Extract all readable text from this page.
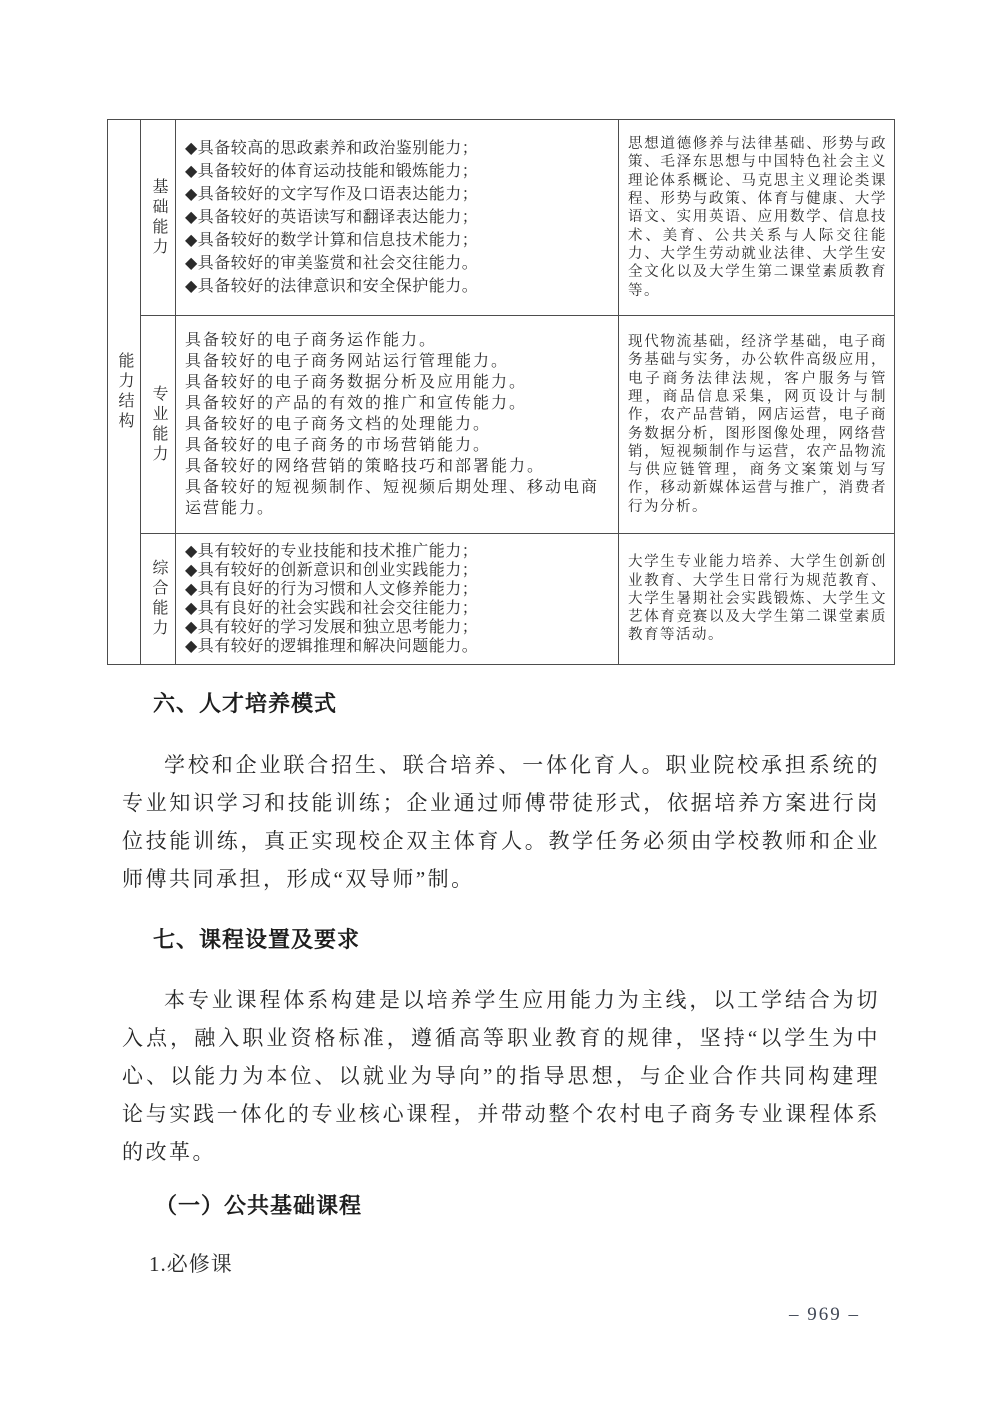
能力结构
基础能力
◆具备较高的思政素养和政治鉴别能力；
◆具备较好的体育运动技能和锻炼能力；
◆具备较好的文字写作及口语表达能力；
◆具备较好的英语读写和翻译表达能力；
◆具备较好的数学计算和信息技术能力；
◆具备较好的审美鉴赏和社会交往能力。
◆具备较好的法律意识和安全保护能力。
思想道德修养与法律基础、形势与政策、毛泽东思想与中国特色社会主义理论体系概论、马克思主义理论类课程、形势与政策、体育与健康、大学语文、实用英语、应用数学、信息技术、美育、公共关系与人际交往能力、大学生劳动就业法律、大学生安全文化以及大学生第二课堂素质教育等。
专业能力
具备较好的电子商务运作能力。
具备较好的电子商务网站运行管理能力。
具备较好的电子商务数据分析及应用能力。
具备较好的产品的有效的推广和宣传能力。
具备较好的电子商务文档的处理能力。
具备较好的电子商务的市场营销能力。
具备较好的网络营销的策略技巧和部署能力。
具备较好的短视频制作、短视频后期处理、移动电商运营能力。
现代物流基础，经济学基础，电子商务基础与实务，办公软件高级应用，电子商务法律法规，客户服务与管理，商品信息采集，网页设计与制作，农产品营销，网店运营，电子商务数据分析，图形图像处理，网络营销，短视频制作与运营，农产品物流与供应链管理，商务文案策划与写作，移动新媒体运营与推广，消费者行为分析。
综合能力
◆具有较好的专业技能和技术推广能力；
◆具有较好的创新意识和创业实践能力；
◆具有良好的行为习惯和人文修养能力；
◆具有良好的社会实践和社会交往能力；
◆具有较好的学习发展和独立思考能力；
◆具有较好的逻辑推理和解决问题能力。
大学生专业能力培养、大学生创新创业教育、大学生日常行为规范教育、大学生暑期社会实践锻炼、大学生文艺体育竞赛以及大学生第二课堂素质教育等活动。
六、人才培养模式

学校和企业联合招生、联合培养、一体化育人。职业院校承担系统的专业知识学习和技能训练；企业通过师傅带徒形式，依据培养方案进行岗位技能训练，真正实现校企双主体育人。教学任务必须由学校教师和企业师傅共同承担，形成“双导师”制。

七、课程设置及要求

本专业课程体系构建是以培养学生应用能力为主线，以工学结合为切入点，融入职业资格标准，遵循高等职业教育的规律，坚持“以学生为中心、以能力为本位、以就业为导向”的指导思想，与企业合作共同构建理论与实践一体化的专业核心课程，并带动整个农村电子商务专业课程体系的改革。

（一）公共基础课程
1.必修课
– 969 –
